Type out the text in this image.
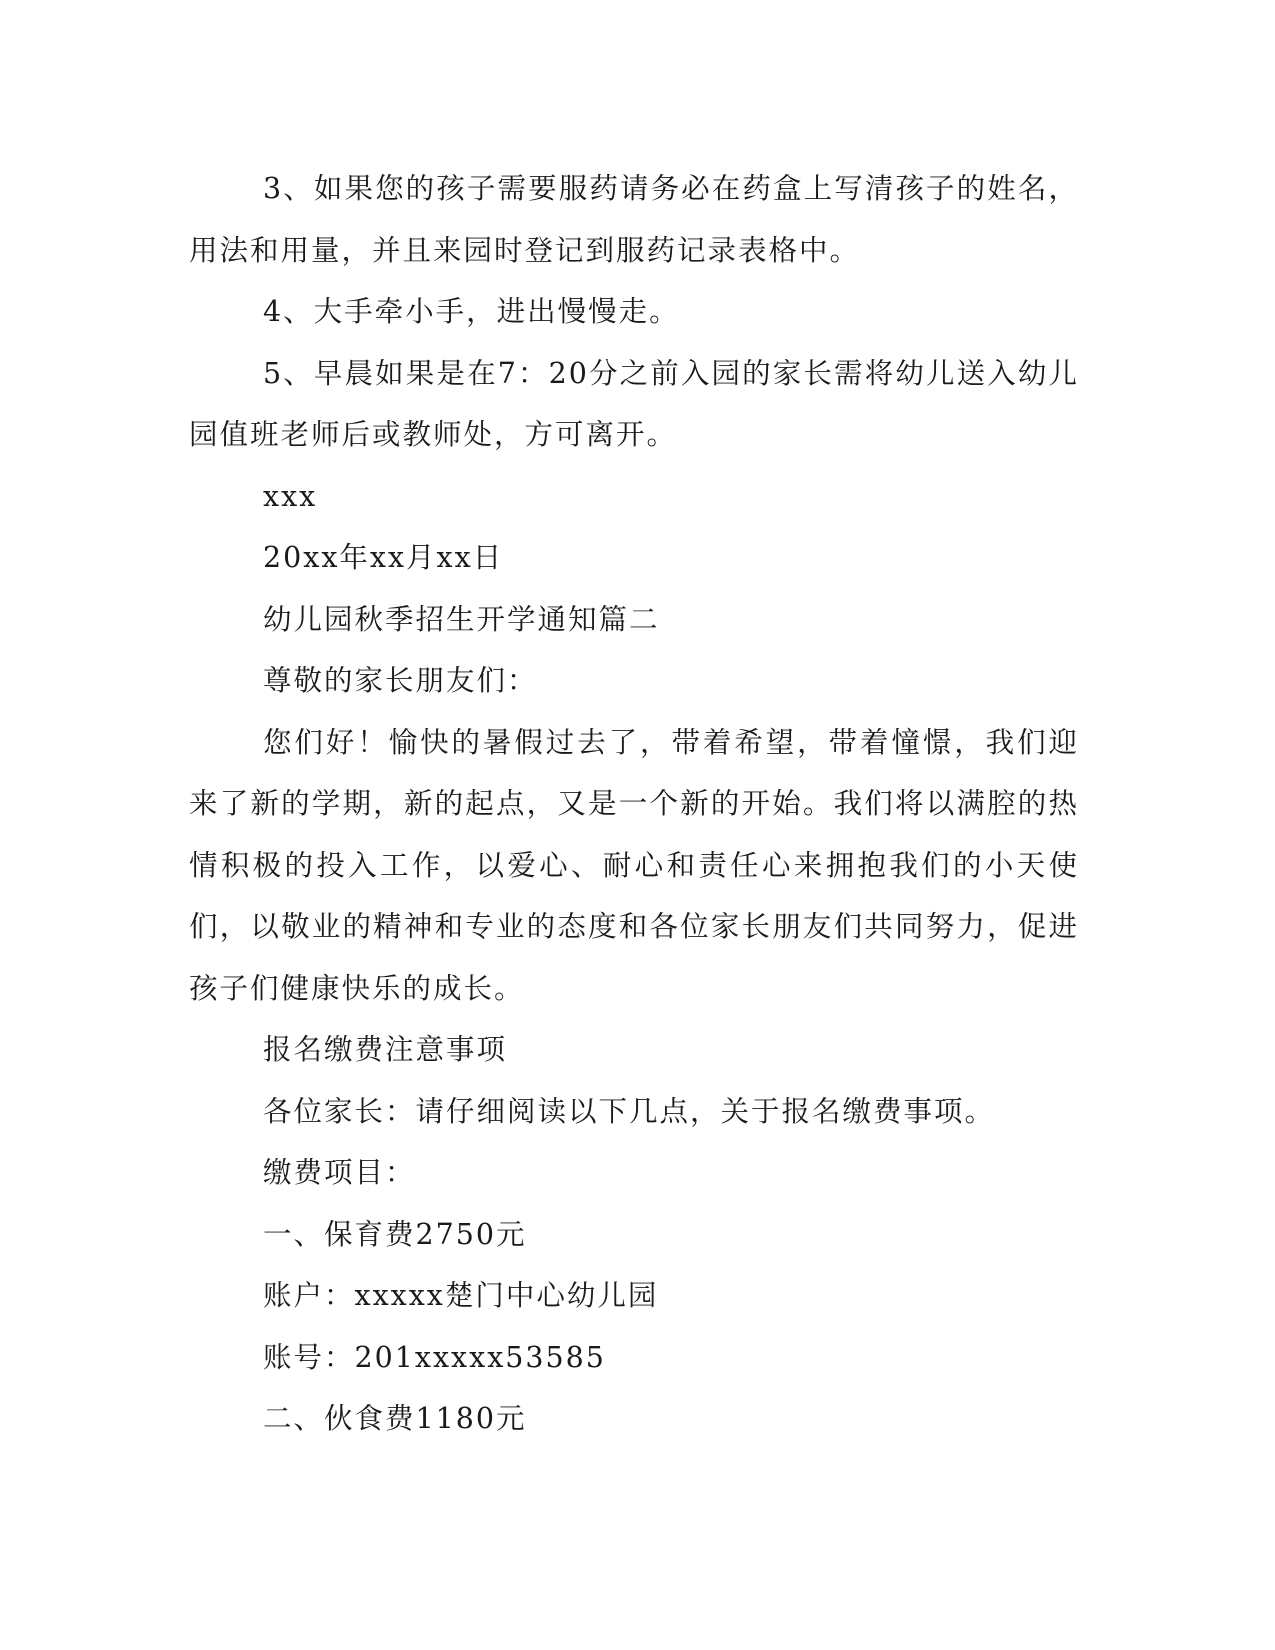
3、如果您的孩子需要服药请务必在药盒上写清孩子的姓名，用法和用量，并且来园时登记到服药记录表格中。

4、大手牵小手，进出慢慢走。

5、早晨如果是在7：20分之前入园的家长需将幼儿送入幼儿园值班老师后或教师处，方可离开。

xxx

20xx年xx月xx日

幼儿园秋季招生开学通知篇二

尊敬的家长朋友们：

您们好！愉快的暑假过去了，带着希望，带着憧憬，我们迎来了新的学期，新的起点，又是一个新的开始。我们将以满腔的热情积极的投入工作，以爱心、耐心和责任心来拥抱我们的小天使们，以敬业的精神和专业的态度和各位家长朋友们共同努力，促进孩子们健康快乐的成长。

报名缴费注意事项

各位家长：请仔细阅读以下几点，关于报名缴费事项。

缴费项目：

一、保育费2750元

账户：xxxxx楚门中心幼儿园

账号：201xxxxx53585

二、伙食费1180元
